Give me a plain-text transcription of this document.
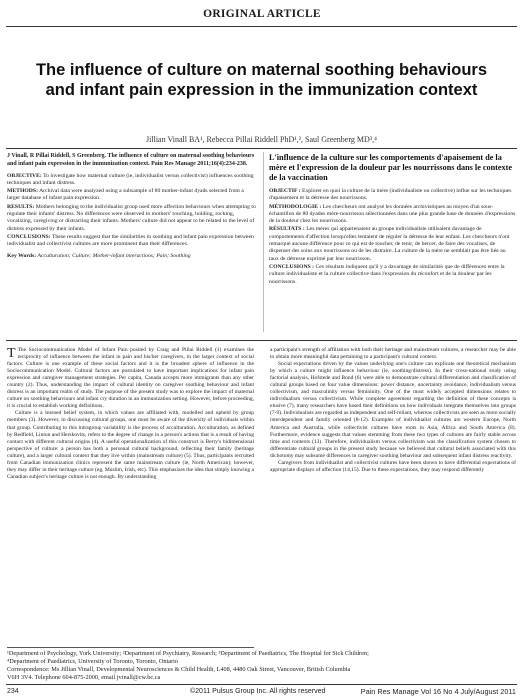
ORIGINAL ARTICLE
The influence of culture on maternal soothing behaviours and infant pain expression in the immunization context
Jillian Vinall BA¹, Rebecca Pillai Riddell PhD¹,², Saul Greenberg MD³,⁴
J Vinall, R Pillai Riddell, S Greenberg. The influence of culture on maternal soothing behaviours and infant pain expression in the immunization context. Pain Res Manage 2011;16(4):234-238.

OBJECTIVE: To investigate how maternal culture (ie, individualist versus collectivist) influences soothing techniques and infant distress.

METHODS: Archival data were analyzed using a subsample of 80 mother-infant dyads selected from a larger database of infant pain expression.

RESULTS: Mothers belonging to the individualist group used more affection behaviours when attempting to regulate their infants' distress. No differences were observed in mothers' touching, holding, rocking, vocalizing, caregiving or distracting their infants. Mothers' culture did not appear to be related to the level of distress expressed by their infants.

CONCLUSIONS: These results suggest that the similarities in soothing and infant pain expression between individualist and collectivist cultures are more prominent than their differences.

Key Words: Acculturation; Culture; Mother-infant interactions; Pain; Soothing

L'influence de la culture sur les comportements d'apaisement de la mère et l'expression de la douleur par les nourrissons dans le contexte de la vaccination

OBJECTIF : Explorer en quoi la culture de la mère (individualiste ou collective) influe sur les techniques d'apaisement et la détresse des nourrissons.

MÉTHODOLOGIE : Les chercheurs ont analysé les données archivistiques au moyen d'un sous-échantillon de 80 dyades mère-nourrisson sélectionnées dans une plus grande base de données d'expressions de la douleur chez les nourrissons.

RÉSULTATS : Les mères qui appartenaient au groupe individualiste utilisaient davantage de comportements d'affection lorsqu'elles tentaient de réguler la détresse de leur enfant. Les chercheurs n'ont remarqué aucune différence pour ce qui est de toucher, de tenir, de bercer, de faire des vocalises, de dispenser des soins aux nourrissons ou de les distraire. La culture de la mère ne semblait pas être liée au taux de détresse exprimé par leur nourrisson.

CONCLUSIONS : Ces résultats indiquent qu'il y a davantage de similarités que de différences entre la culture individualiste et la culture collective dans l'expression du réconfort et de la douleur par les nourrissons.

T The Sociocommunication Model of Infant Pain posited by Craig and Pillai Riddell (1) examines the reciprocity of influence between the infant in pain and his/her caregivers, in the larger context of social factors. Culture is one example of these social factors and it is the broadest sphere of influence in the Sociocommunication Model. Cultural factors are postulated to have important implications for infant pain expression and caregiver management strategies. Per capita, Canada accepts more immigrants than any other country (2). Thus, understanding the impact of cultural identity on caregiver soothing behaviour and infant distress is an important realm of study. The purpose of the present study was to explore the impact of maternal culture on soothing behaviours and infant cry duration in an immunization setting. However, before proceeding, it is crucial to establish working definitions.

Culture is a learned belief system, in which values are affiliated with, modelled and upheld by group members (3). However, in discussing cultural groups, one must be aware of the diversity of individuals within that group. Contributing to this intragroup variability is the process of acculturation. Acculturation, as defined by Redfield, Linton and Herskovits, refers to the degree of change in a person's actions that is a result of having contact with different cultural origins (4). A useful operationalization of this construct is Berry's bidimensional perspective of culture: a person has both a personal cultural background, reflecting their family (heritage culture), and a larger cultural context that they live within (mainstream culture) (5). Thus, participants recruited from Canadian immunization clinics represent the same mainstream culture (ie, North American); however, they may differ in their heritage culture (eg, Muslim, Irish, etc). This emphasizes the idea that simply knowing a Canadian subject's heritage culture is not enough. By understanding

a participant's strength of affiliation with both their heritage and mainstream cultures, a researcher may be able to obtain more meaningful data pertaining to a participant's cultural context.

Social expectations driven by the values underlying one's culture can explicate one theoretical mechanism by which a culture might influence behaviour (ie, soothing/distress). In their cross-national study using factorial analysis, Hofstede and Bond (6) were able to demonstrate cultural differentiation and classification of cultural groups based on four value dimensions: power distance, uncertainty avoidance, individualism versus collectivism, and masculinity versus femininity. One of the most widely accepted dimensions relates to individualism versus collectivism. While complete agreement regarding the definition of these concepts is elusive (7), many researchers have based their definitions on how individuals integrate themselves into groups (7-9). Individualists are regarded as independent and self-reliant, whereas collectivists are seen as more socially interdependent and family oriented (8-12). Examples of individualist cultures are western Europe, North America and Australia, while collectivist cultures have roots in Asia, Africa and South America (8). Furthermore, evidence suggests that values stemming from these two types of cultures are fairly stable across time and contexts (13). Therefore, individualism versus collectivism was the classification system chosen to differentiate cultural groups in the present study because we believed that cultural beliefs associated with this dichotomy may subsume differences in caregiver soothing behaviour and subsequent infant distress reactivity.

Caregivers from individualist and collectivist cultures have been shown to have differential expectations of appropriate displays of affection (14,15). Due to these expectations, they may respond differently

¹Department of Psychology, York University; ²Department of Psychiatry, Research; ³Department of Paediatrics, The Hospital for Sick Children;

⁴Department of Paediatrics, University of Toronto, Toronto, Ontario

Correspondence: Ms Jillian Vinall, Developmental Neurosciences & Child Health, L408, 4480 Oak Street, Vancouver, British Columbia

V6H 3V4. Telephone 604-875-2000, email jvinall@cw.bc.ca

234	©2011 Pulsus Group Inc. All rights reserved	Pain Res Manage Vol 16 No 4 July/August 2011
